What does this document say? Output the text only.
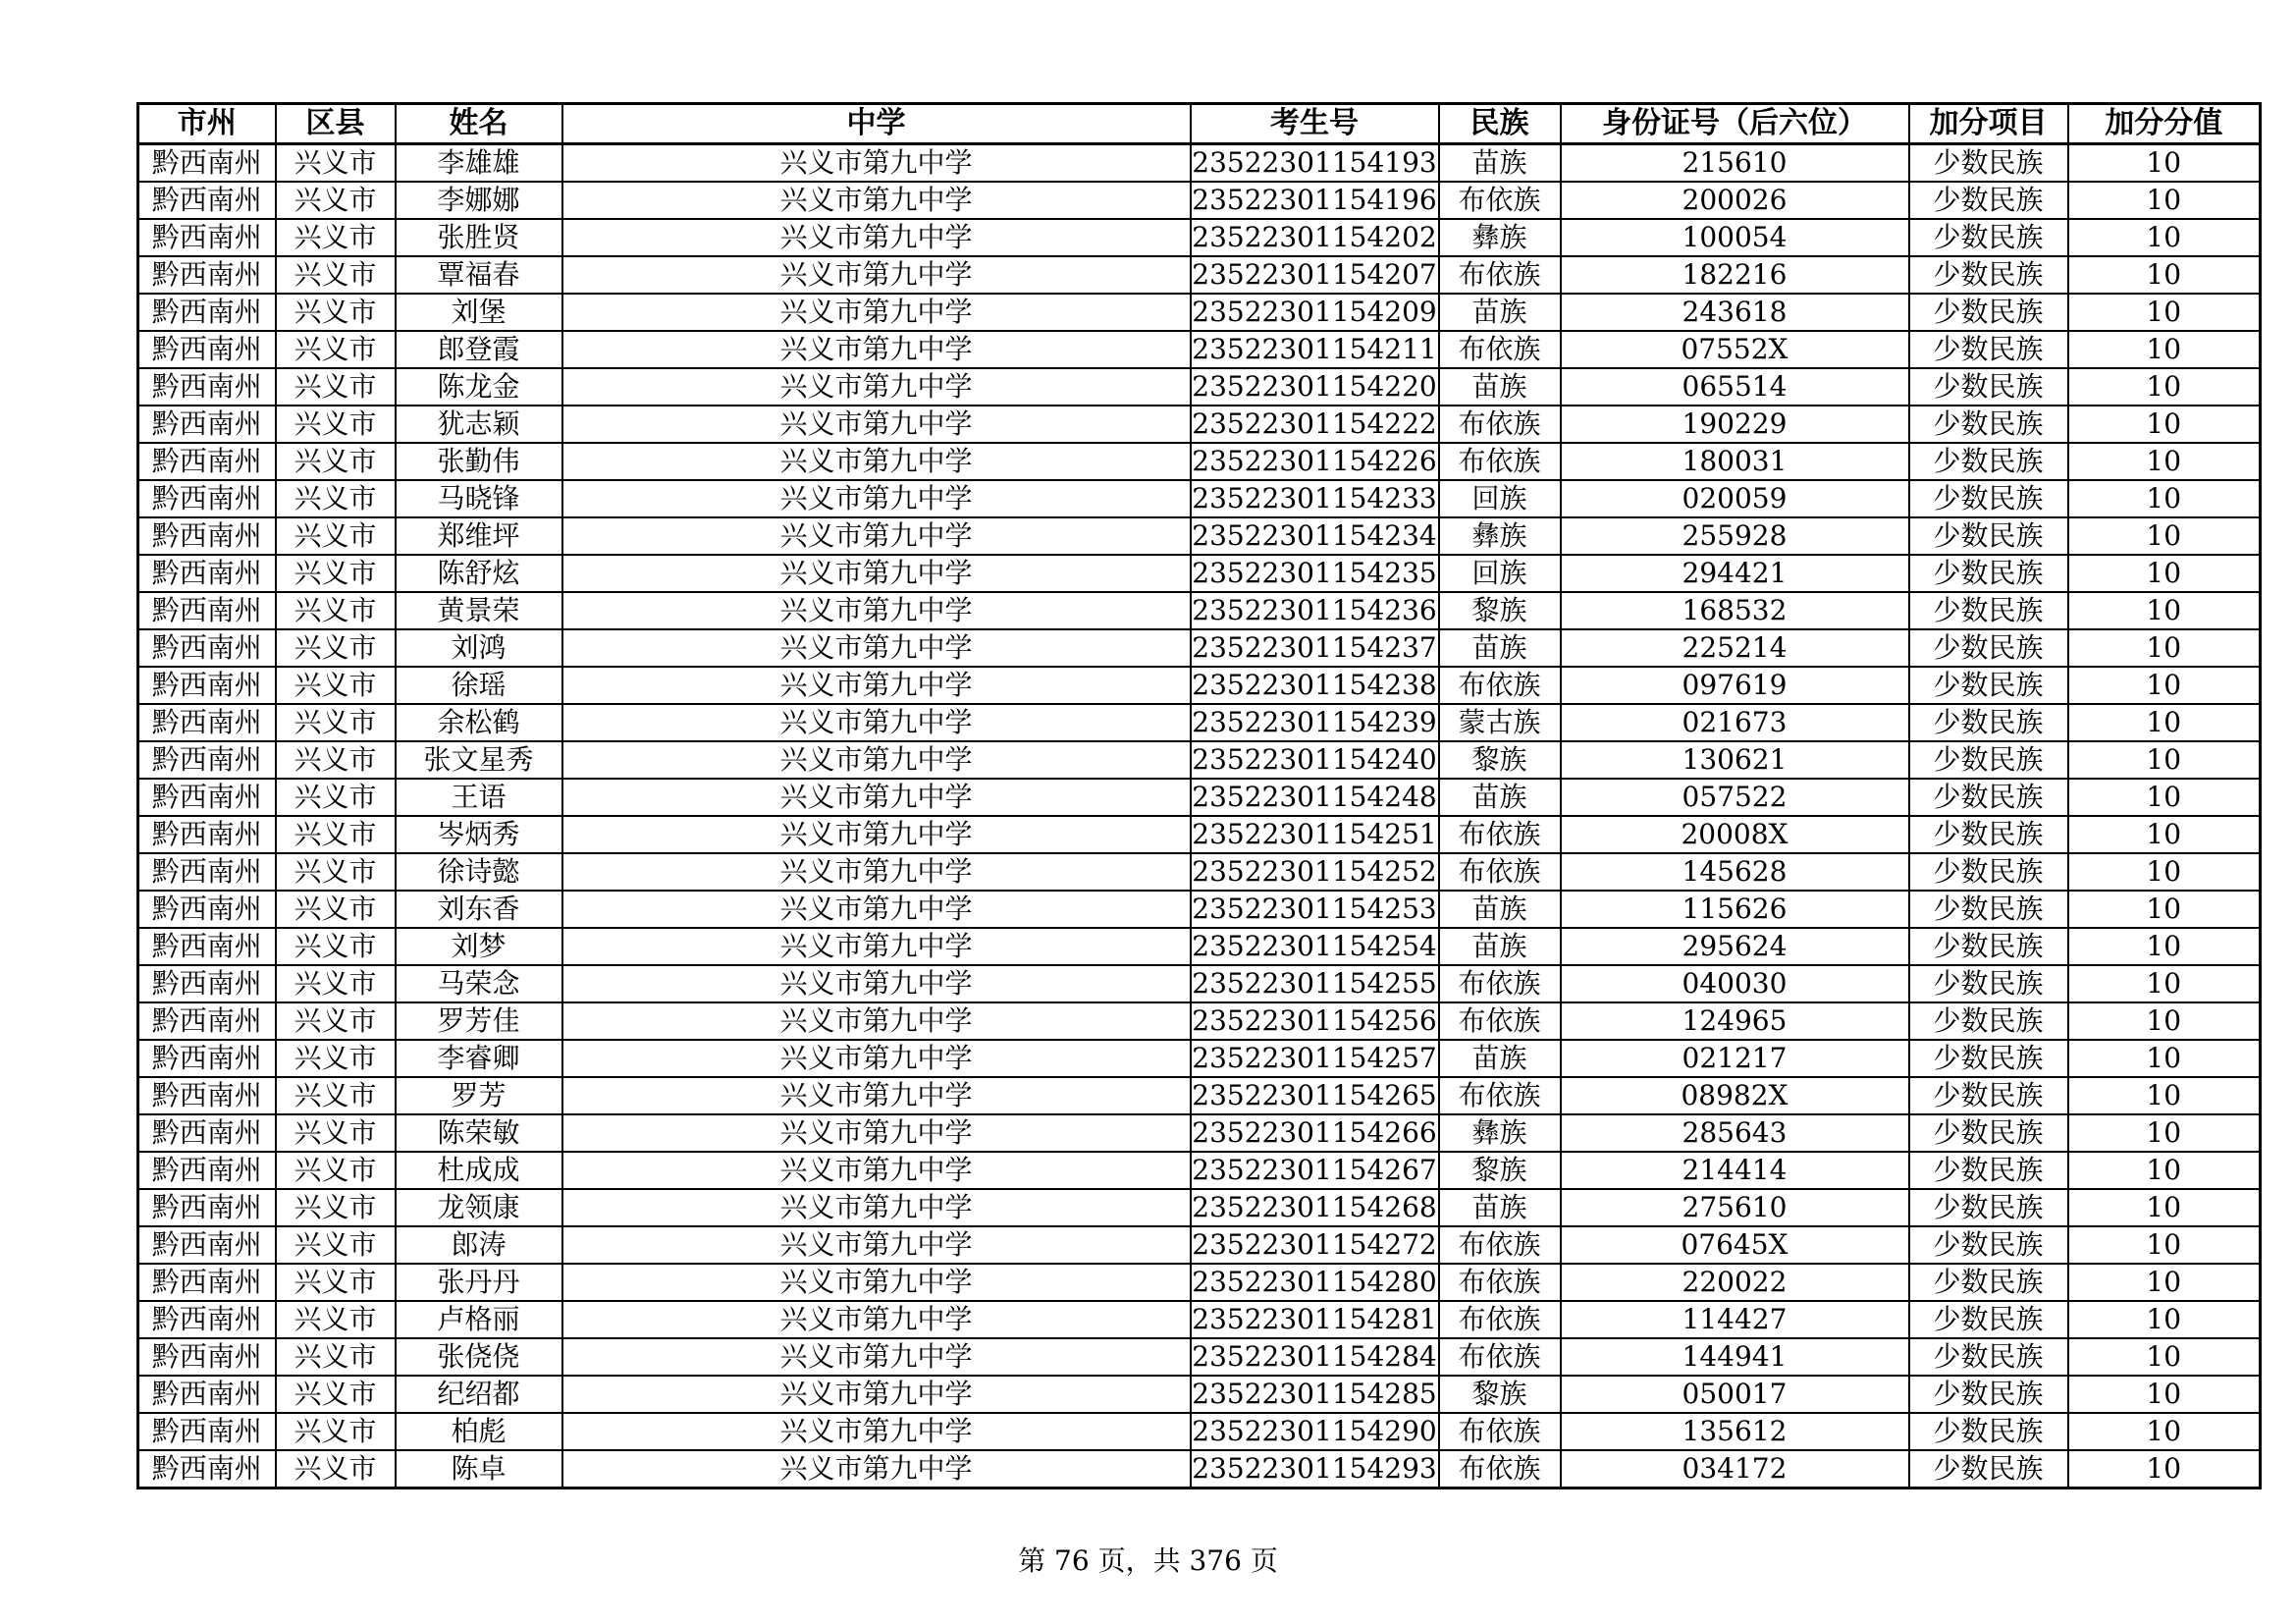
市州	区县	姓名	中学	考生号	民族	身份证号（后六位）	加分项目	加分分值
黔西南州	兴义市	李雄雄	兴义市第九中学	23522301154193	苗族	215610	少数民族	10
黔西南州	兴义市	李娜娜	兴义市第九中学	23522301154196	布依族	200026	少数民族	10
黔西南州	兴义市	张胜贤	兴义市第九中学	23522301154202	彝族	100054	少数民族	10
黔西南州	兴义市	覃福春	兴义市第九中学	23522301154207	布依族	182216	少数民族	10
黔西南州	兴义市	刘堡	兴义市第九中学	23522301154209	苗族	243618	少数民族	10
黔西南州	兴义市	郎登霞	兴义市第九中学	23522301154211	布依族	07552X	少数民族	10
黔西南州	兴义市	陈龙金	兴义市第九中学	23522301154220	苗族	065514	少数民族	10
黔西南州	兴义市	犹志颖	兴义市第九中学	23522301154222	布依族	190229	少数民族	10
黔西南州	兴义市	张勤伟	兴义市第九中学	23522301154226	布依族	180031	少数民族	10
黔西南州	兴义市	马晓锋	兴义市第九中学	23522301154233	回族	020059	少数民族	10
黔西南州	兴义市	郑维坪	兴义市第九中学	23522301154234	彝族	255928	少数民族	10
黔西南州	兴义市	陈舒炫	兴义市第九中学	23522301154235	回族	294421	少数民族	10
黔西南州	兴义市	黄景荣	兴义市第九中学	23522301154236	黎族	168532	少数民族	10
黔西南州	兴义市	刘鸿	兴义市第九中学	23522301154237	苗族	225214	少数民族	10
黔西南州	兴义市	徐瑶	兴义市第九中学	23522301154238	布依族	097619	少数民族	10
黔西南州	兴义市	余松鹤	兴义市第九中学	23522301154239	蒙古族	021673	少数民族	10
黔西南州	兴义市	张文星秀	兴义市第九中学	23522301154240	黎族	130621	少数民族	10
黔西南州	兴义市	王语	兴义市第九中学	23522301154248	苗族	057522	少数民族	10
黔西南州	兴义市	岑炳秀	兴义市第九中学	23522301154251	布依族	20008X	少数民族	10
黔西南州	兴义市	徐诗懿	兴义市第九中学	23522301154252	布依族	145628	少数民族	10
黔西南州	兴义市	刘东香	兴义市第九中学	23522301154253	苗族	115626	少数民族	10
黔西南州	兴义市	刘梦	兴义市第九中学	23522301154254	苗族	295624	少数民族	10
黔西南州	兴义市	马荣念	兴义市第九中学	23522301154255	布依族	040030	少数民族	10
黔西南州	兴义市	罗芳佳	兴义市第九中学	23522301154256	布依族	124965	少数民族	10
黔西南州	兴义市	李睿卿	兴义市第九中学	23522301154257	苗族	021217	少数民族	10
黔西南州	兴义市	罗芳	兴义市第九中学	23522301154265	布依族	08982X	少数民族	10
黔西南州	兴义市	陈荣敏	兴义市第九中学	23522301154266	彝族	285643	少数民族	10
黔西南州	兴义市	杜成成	兴义市第九中学	23522301154267	黎族	214414	少数民族	10
黔西南州	兴义市	龙领康	兴义市第九中学	23522301154268	苗族	275610	少数民族	10
黔西南州	兴义市	郎涛	兴义市第九中学	23522301154272	布依族	07645X	少数民族	10
黔西南州	兴义市	张丹丹	兴义市第九中学	23522301154280	布依族	220022	少数民族	10
黔西南州	兴义市	卢格丽	兴义市第九中学	23522301154281	布依族	114427	少数民族	10
黔西南州	兴义市	张侥侥	兴义市第九中学	23522301154284	布依族	144941	少数民族	10
黔西南州	兴义市	纪绍都	兴义市第九中学	23522301154285	黎族	050017	少数民族	10
黔西南州	兴义市	柏彪	兴义市第九中学	23522301154290	布依族	135612	少数民族	10
黔西南州	兴义市	陈卓	兴义市第九中学	23522301154293	布依族	034172	少数民族	10
第 76 页，共 376 页
